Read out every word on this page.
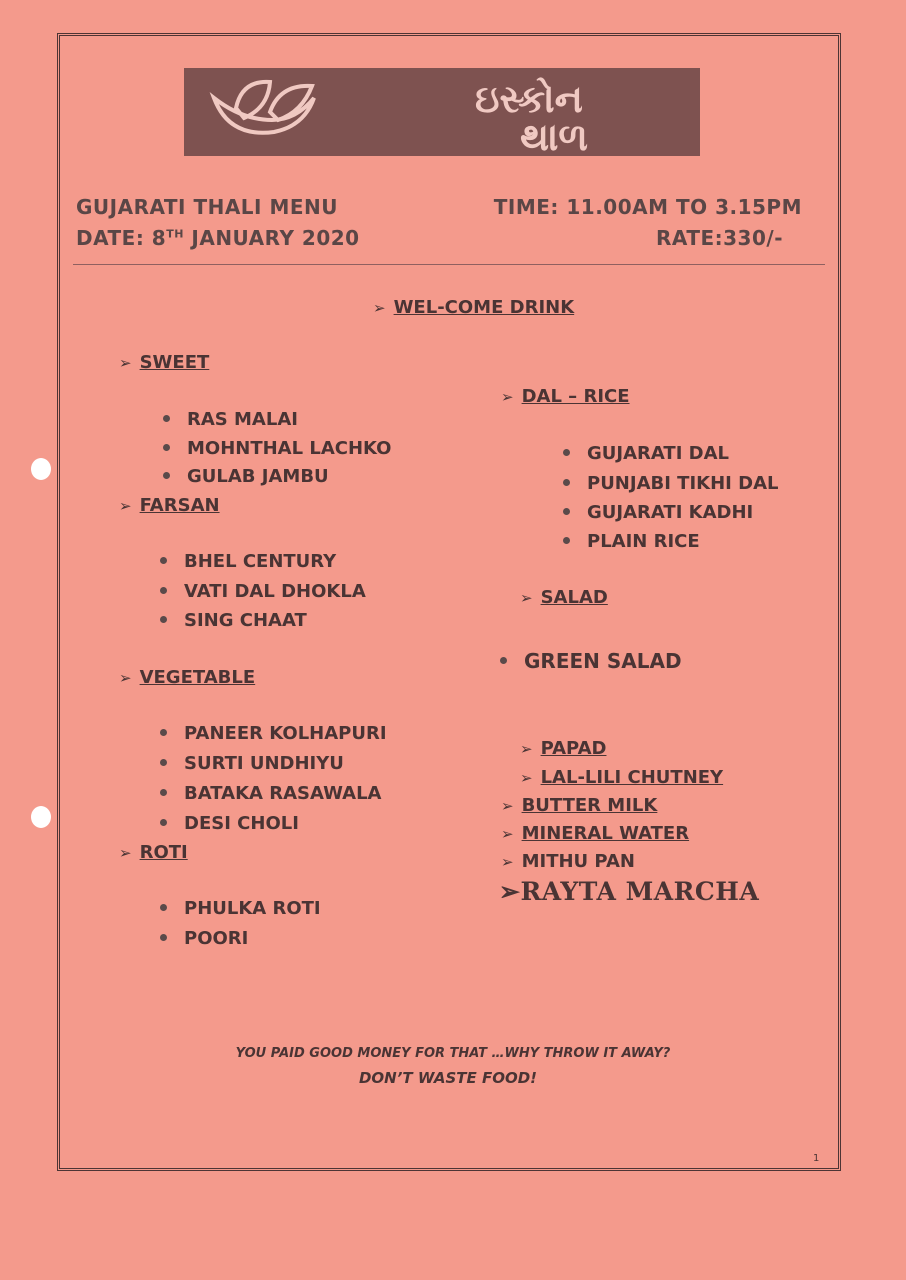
ઇસ્કોન
થાળ
GUJARATI THALI MENU
DATE: 8TH JANUARY 2020
TIME: 11.00AM TO 3.15PM
RATE:330/-
➢ WEL-COME DRINK
➢ SWEET
RAS MALAI
MOHNTHAL LACHKO
GULAB JAMBU
➢ FARSAN
BHEL CENTURY
VATI DAL DHOKLA
SING CHAAT
➢ VEGETABLE
PANEER KOLHAPURI
SURTI UNDHIYU
BATAKA RASAWALA
DESI CHOLI
➢ ROTI
PHULKA ROTI
POORI
➢ DAL – RICE
GUJARATI DAL
PUNJABI TIKHI DAL
GUJARATI KADHI
PLAIN RICE
➢ SALAD
GREEN SALAD
➢ PAPAD
➢ LAL-LILI CHUTNEY
➢ BUTTER MILK
➢ MINERAL WATER
➢ MITHU PAN
➢RAYTA MARCHA
YOU PAID GOOD MONEY FOR THAT …WHY THROW IT AWAY?
DON’T WASTE FOOD!
1
